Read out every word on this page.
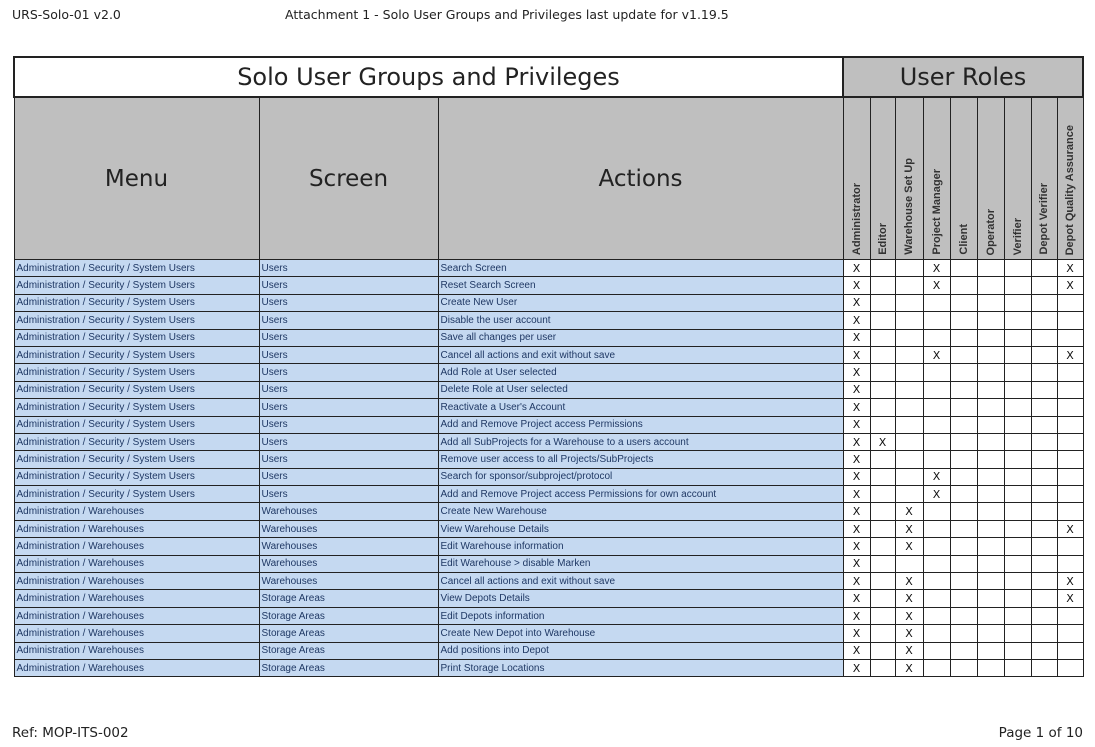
URS-Solo-01 v2.0	Attachment 1 - Solo User Groups and Privileges last update for v1.19.5
Solo User Groups and Privileges			User Roles								
Menu	Screen	Actions	Administrator	Editor	Warehouse Set Up	Project Manager	Client	Operator	Verifier	Depot Verifier	Depot Quality Assurance

Administration / Security / System Users	Users	Search Screen	X			X					X
Administration / Security / System Users	Users	Reset Search Screen	X			X					X
Administration / Security / System Users	Users	Create New User	X								
Administration / Security / System Users	Users	Disable the user account	X								
Administration / Security / System Users	Users	Save all changes per user	X								
Administration / Security / System Users	Users	Cancel all actions and exit without save	X			X					X
Administration / Security / System Users	Users	Add Role at User selected	X								
Administration / Security / System Users	Users	Delete Role at User selected	X								
Administration / Security / System Users	Users	Reactivate a User's Account	X								
Administration / Security / System Users	Users	Add and Remove Project access Permissions	X								
Administration / Security / System Users	Users	Add all SubProjects for a Warehouse to a users account	X	X							
Administration / Security / System Users	Users	Remove user access to all Projects/SubProjects	X								
Administration / Security / System Users	Users	Search for sponsor/subproject/protocol	X			X					
Administration / Security / System Users	Users	Add and Remove Project access Permissions for own account	X			X					
Administration / Warehouses	Warehouses	Create New Warehouse	X		X						
Administration / Warehouses	Warehouses	View Warehouse Details	X		X						X
Administration / Warehouses	Warehouses	Edit Warehouse information	X		X						
Administration / Warehouses	Warehouses	Edit Warehouse > disable Marken	X								
Administration / Warehouses	Warehouses	Cancel all actions and exit without save	X		X						X
Administration / Warehouses	Storage Areas	View Depots Details	X		X						X
Administration / Warehouses	Storage Areas	Edit Depots information	X		X						
Administration / Warehouses	Storage Areas	Create New Depot into Warehouse	X		X						
Administration / Warehouses	Storage Areas	Add positions into Depot	X		X						
Administration / Warehouses	Storage Areas	Print Storage Locations	X		X						
Ref: MOP-ITS-002	Page 1 of 10
